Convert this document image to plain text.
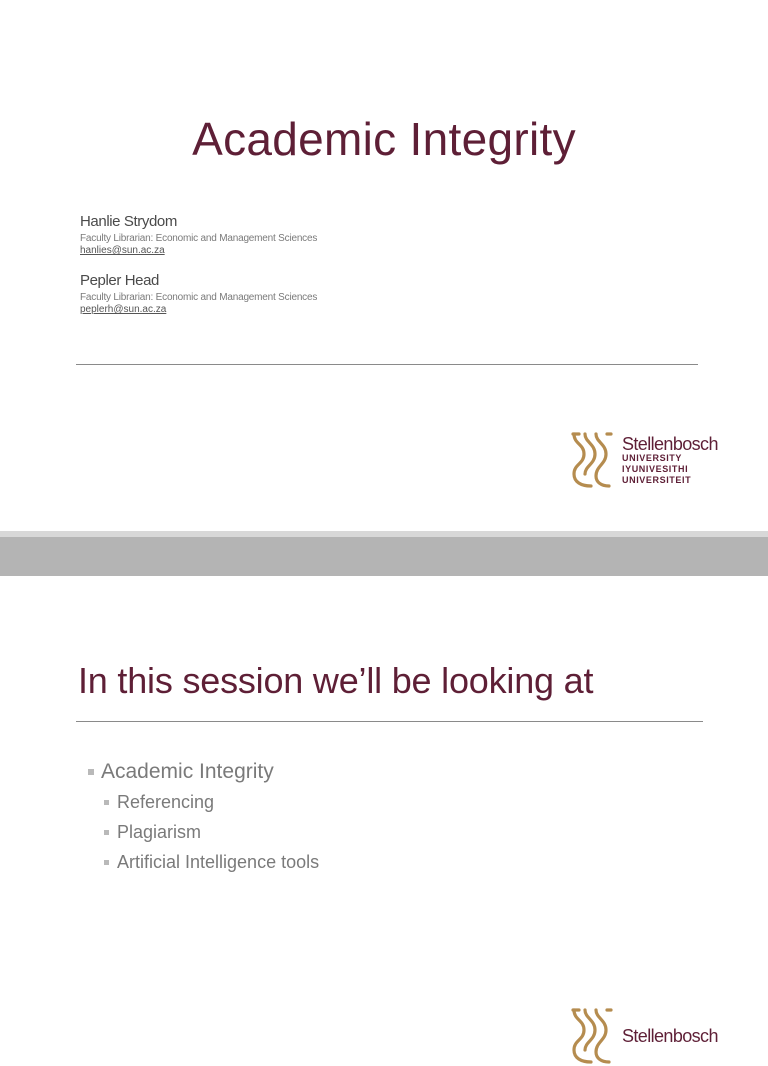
Academic Integrity
Hanlie Strydom
Faculty Librarian: Economic and Management Sciences
hanlies@sun.ac.za
Pepler Head
Faculty Librarian: Economic and Management Sciences
peplerh@sun.ac.za
Stellenbosch
UNIVERSITY
IYUNIVESITHI
UNIVERSITEIT
In this session we’ll be looking at
Academic Integrity
Referencing
Plagiarism
Artificial Intelligence tools
Stellenbosch
